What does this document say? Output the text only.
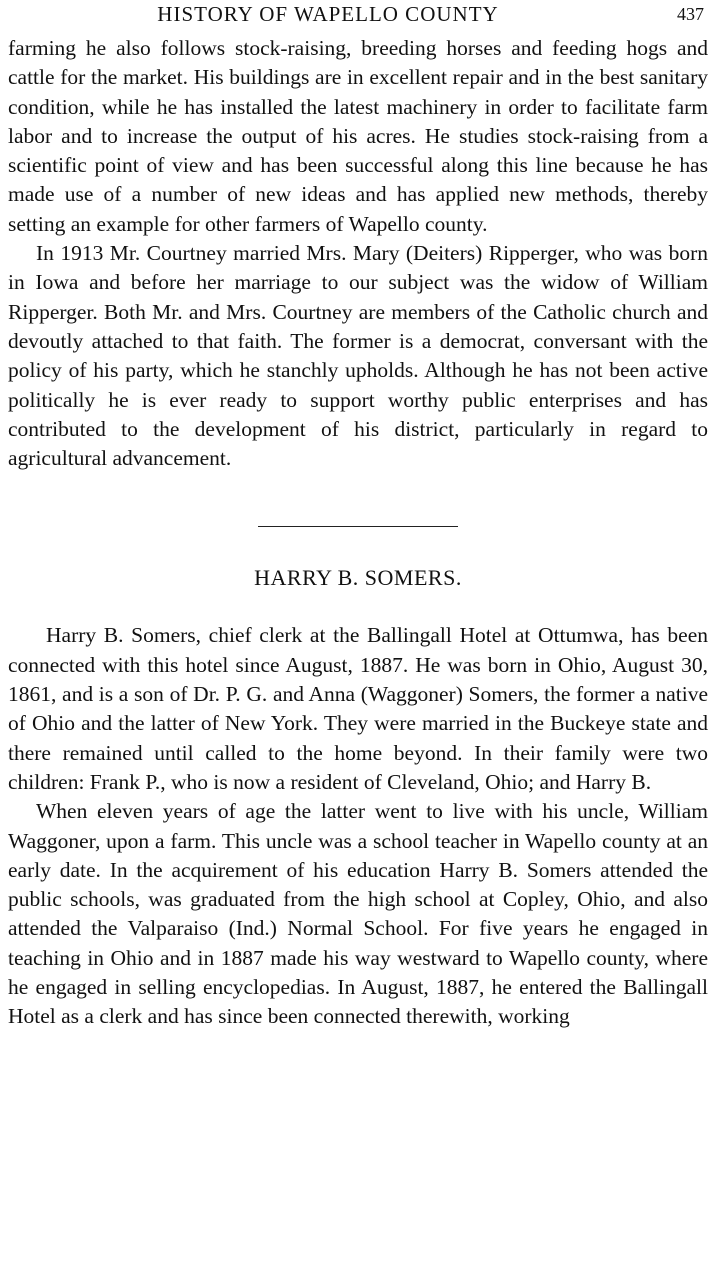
HISTORY OF WAPELLO COUNTY	437

farming he also follows stock-raising, breeding horses and feeding hogs and cattle for the market. His buildings are in excellent repair and in the best sanitary condition, while he has installed the latest machinery in order to facilitate farm labor and to increase the output of his acres. He studies stock-raising from a scientific point of view and has been successful along this line because he has made use of a number of new ideas and has applied new methods, thereby setting an example for other farmers of Wapello county.

In 1913 Mr. Courtney married Mrs. Mary (Deiters) Ripperger, who was born in Iowa and before her marriage to our subject was the widow of William Ripperger. Both Mr. and Mrs. Courtney are members of the Catholic church and devoutly attached to that faith. The former is a democrat, conversant with the policy of his party, which he stanchly upholds. Although he has not been active politically he is ever ready to support worthy public enterprises and has contributed to the development of his district, particularly in regard to agricultural advancement.

HARRY B. SOMERS.

Harry B. Somers, chief clerk at the Ballingall Hotel at Ottumwa, has been connected with this hotel since August, 1887. He was born in Ohio, August 30, 1861, and is a son of Dr. P. G. and Anna (Waggoner) Somers, the former a native of Ohio and the latter of New York. They were married in the Buckeye state and there remained until called to the home beyond. In their family were two children: Frank P., who is now a resident of Cleveland, Ohio; and Harry B.

When eleven years of age the latter went to live with his uncle, William Waggoner, upon a farm. This uncle was a school teacher in Wapello county at an early date. In the acquirement of his education Harry B. Somers attended the public schools, was graduated from the high school at Copley, Ohio, and also attended the Valparaiso (Ind.) Normal School. For five years he engaged in teaching in Ohio and in 1887 made his way westward to Wapello county, where he engaged in selling encyclopedias. In August, 1887, he entered the Ballingall Hotel as a clerk and has since been connected therewith, working
